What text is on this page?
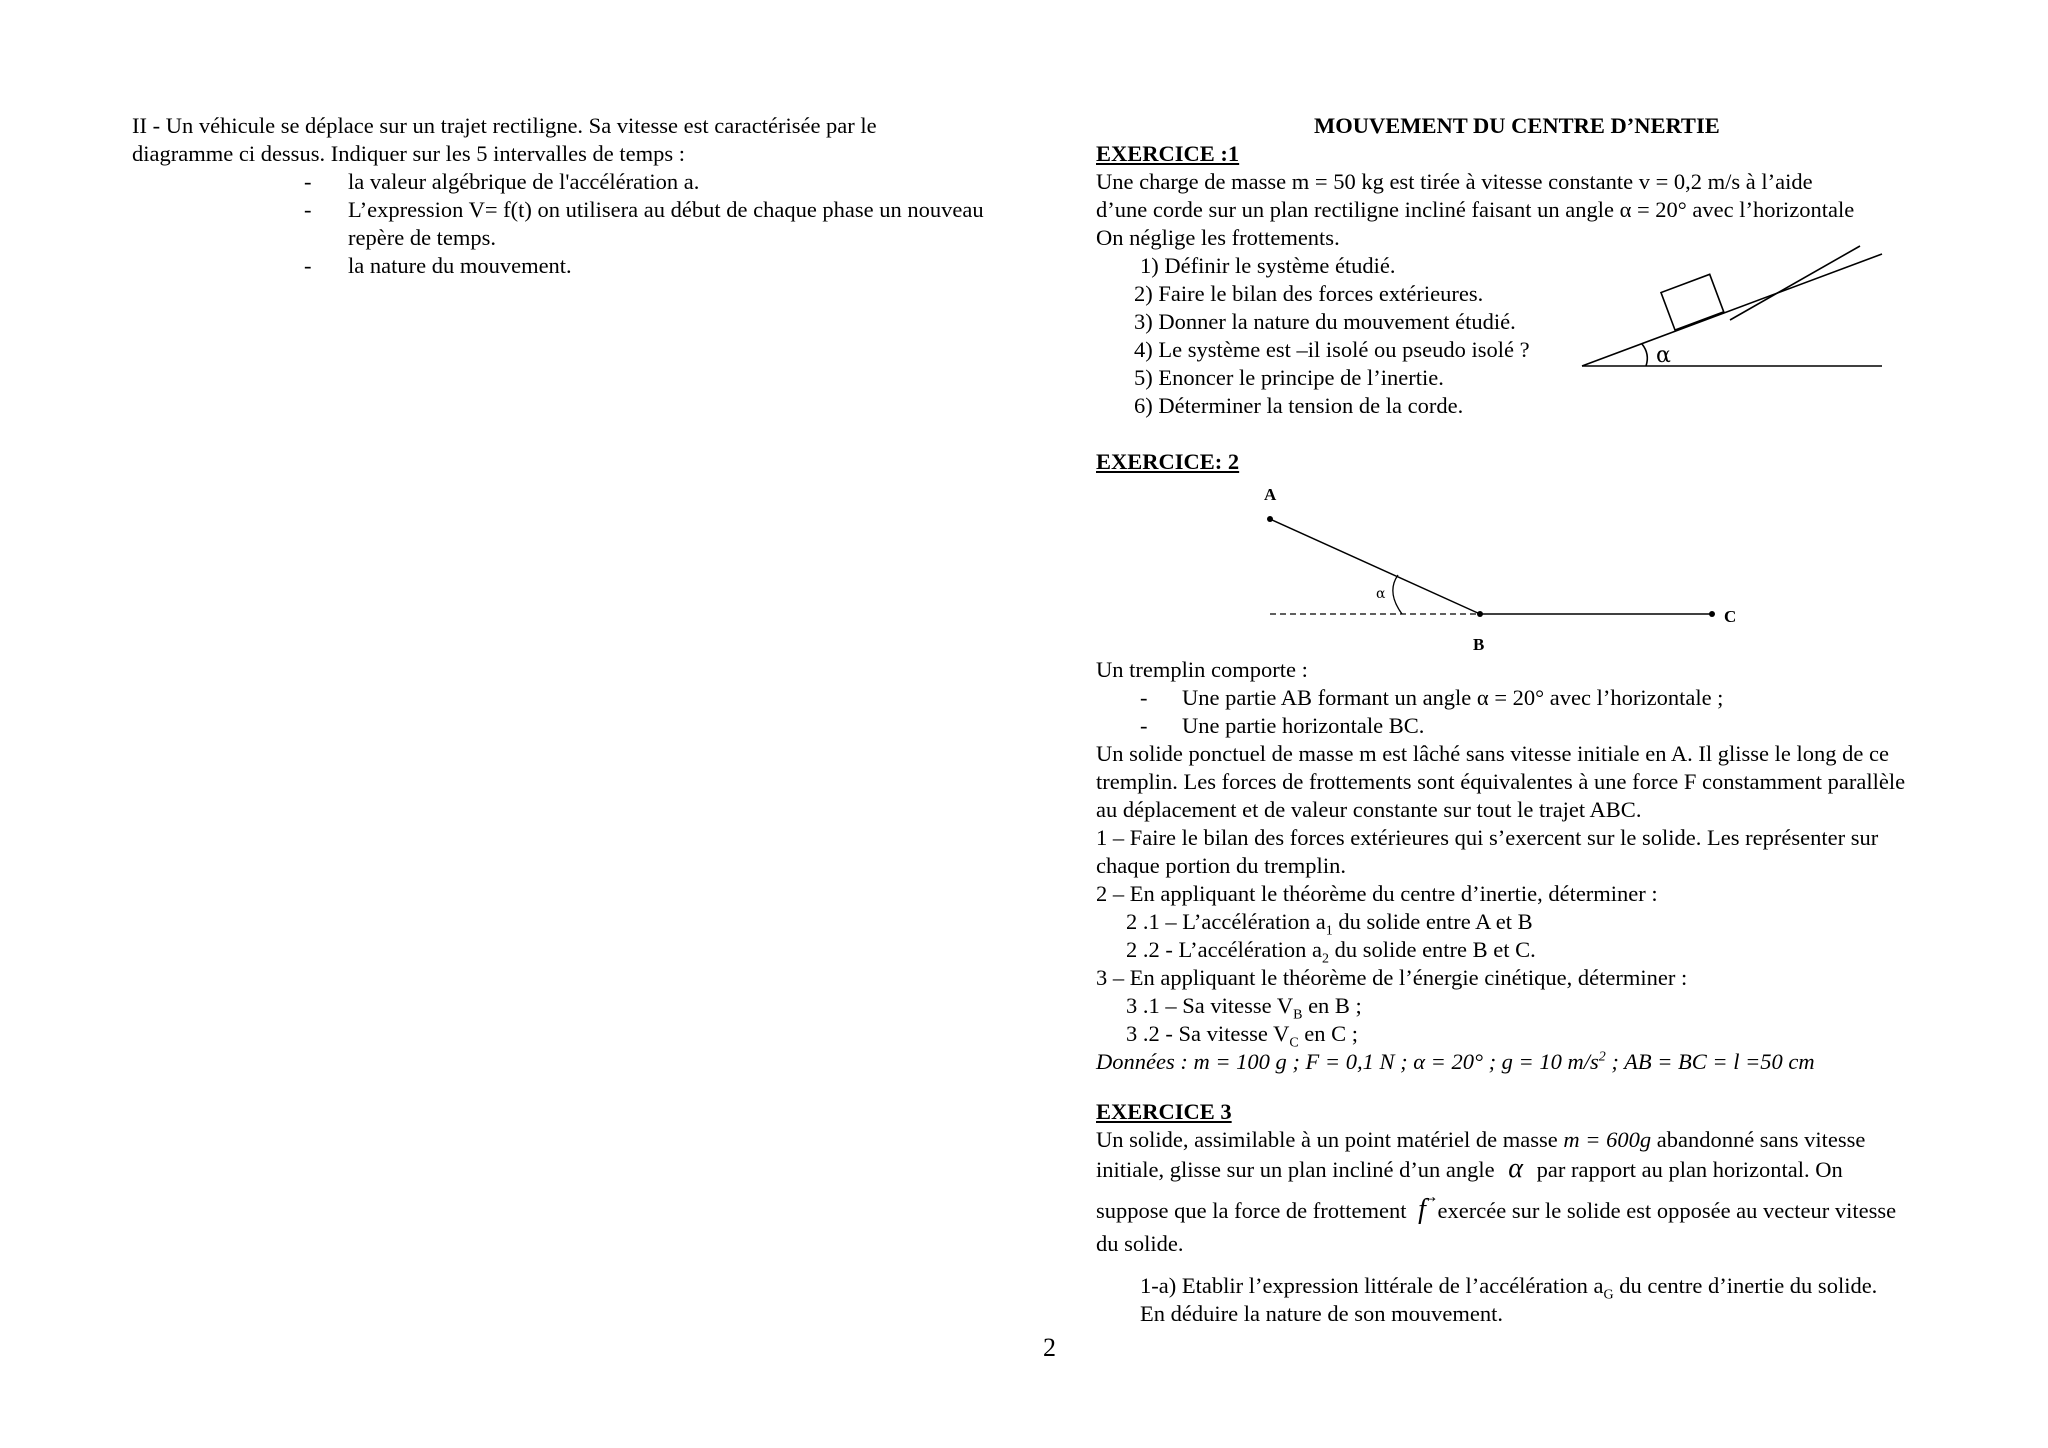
II - Un véhicule se déplace sur un trajet rectiligne. Sa vitesse est caractérisée par le
diagramme ci dessus. Indiquer sur les 5 intervalles de temps :
- la valeur algébrique de l'accélération a.
- L’expression V= f(t) on utilisera au début de chaque phase un nouveau
repère de temps.
- la nature du mouvement.
MOUVEMENT DU CENTRE D’NERTIE
EXERCICE :1
Une charge de masse m = 50 kg est tirée à vitesse constante v = 0,2 m/s à l’aide
d’une corde sur un plan rectiligne incliné faisant un angle α = 20° avec l’horizontale
On néglige les frottements.
1) Définir le système étudié.
2) Faire le bilan des forces extérieures.
3) Donner la nature du mouvement étudié.
4) Le système est –il isolé ou pseudo isolé ?
5) Enoncer le principe de l’inertie.
6) Déterminer la tension de la corde.
α
EXERCICE: 2
A
α
B
C
Un tremplin comporte :
- Une partie AB formant un angle α = 20° avec l’horizontale ;
- Une partie horizontale BC.
Un solide ponctuel de masse m est lâché sans vitesse initiale en A. Il glisse le long de ce
tremplin. Les forces de frottements sont équivalentes à une force F constamment parallèle
au déplacement et de valeur constante sur tout le trajet ABC.
1 – Faire le bilan des forces extérieures qui s’exercent sur le solide. Les représenter sur
chaque portion du tremplin.
2 – En appliquant le théorème du centre d’inertie, déterminer :
2 .1 – L’accélération $a_1$ du solide entre A et B
2 .2 - L’accélération $a_2$ du solide entre B et C.
3 – En appliquant le théorème de l’énergie cinétique, déterminer :
3 .1 – Sa vitesse $V_B$ en B ;
3 .2 - Sa vitesse $V_C$ en C ;
Données : m = 100 g ; F = 0,1 N ; α = 20° ; g = 10 $m/s^2$ ; AB = BC = l =50 cm
EXERCICE 3
Un solide, assimilable à un point matériel de masse m = 600g abandonné sans vitesse
initiale, glisse sur un plan incliné d’un angle α par rapport au plan horizontal. On
suppose que la force de frottement
→
f exercée sur le solide est opposée au vecteur vitesse
du solide.
1-a) Etablir l’expression littérale de l’accélération $a_G$ du centre d’inertie du solide.
En déduire la nature de son mouvement.
2
